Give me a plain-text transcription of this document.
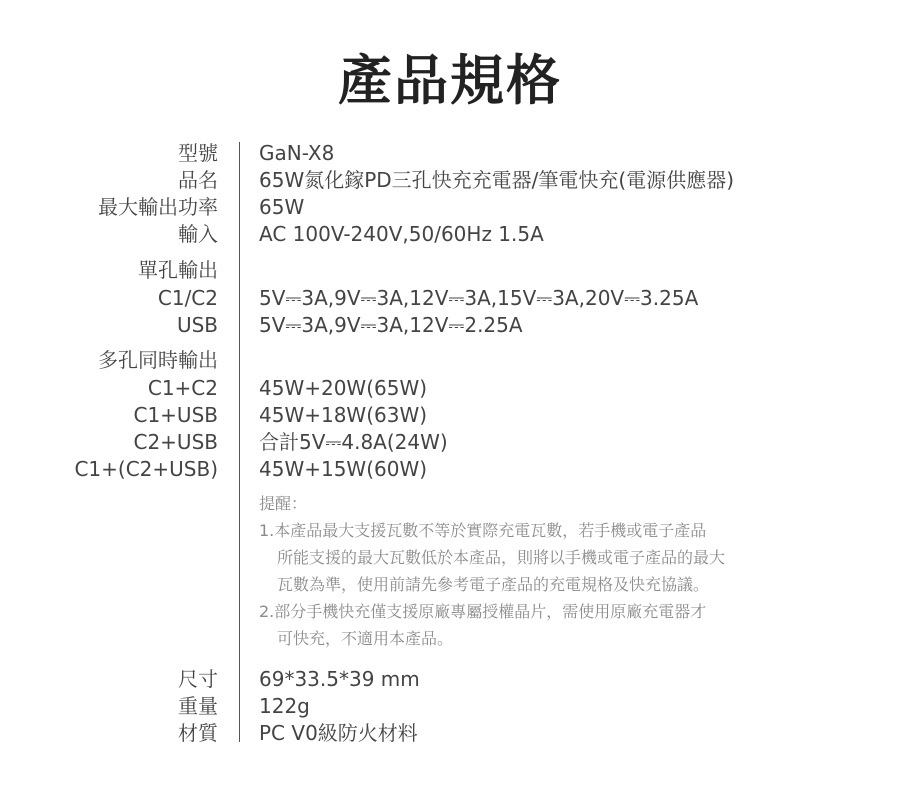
產品規格
型號 GaN-X8
品名 65W氮化鎵PD三孔快充充電器/筆電快充(電源供應器)
最大輸出功率 65W
輸入 AC 100V-240V,50/60Hz 1.5A
單孔輸出
C1/C2 5V⎓3A,9V⎓3A,12V⎓3A,15V⎓3A,20V⎓3.25A
USB 5V⎓3A,9V⎓3A,12V⎓2.25A
多孔同時輸出
C1+C2 45W+20W(65W)
C1+USB 45W+18W(63W)
C2+USB 合計5V⎓4.8A(24W)
C1+(C2+USB) 45W+15W(60W)
提醒：
1.本產品最大支援瓦數不等於實際充電瓦數，若手機或電子產品
所能支援的最大瓦數低於本產品，則將以手機或電子產品的最大
瓦數為準，使用前請先參考電子產品的充電規格及快充協議。
2.部分手機快充僅支援原廠專屬授權晶片，需使用原廠充電器才
可快充，不適用本產品。
尺寸 69*33.5*39 mm
重量 122g
材質 PC V0級防火材料
